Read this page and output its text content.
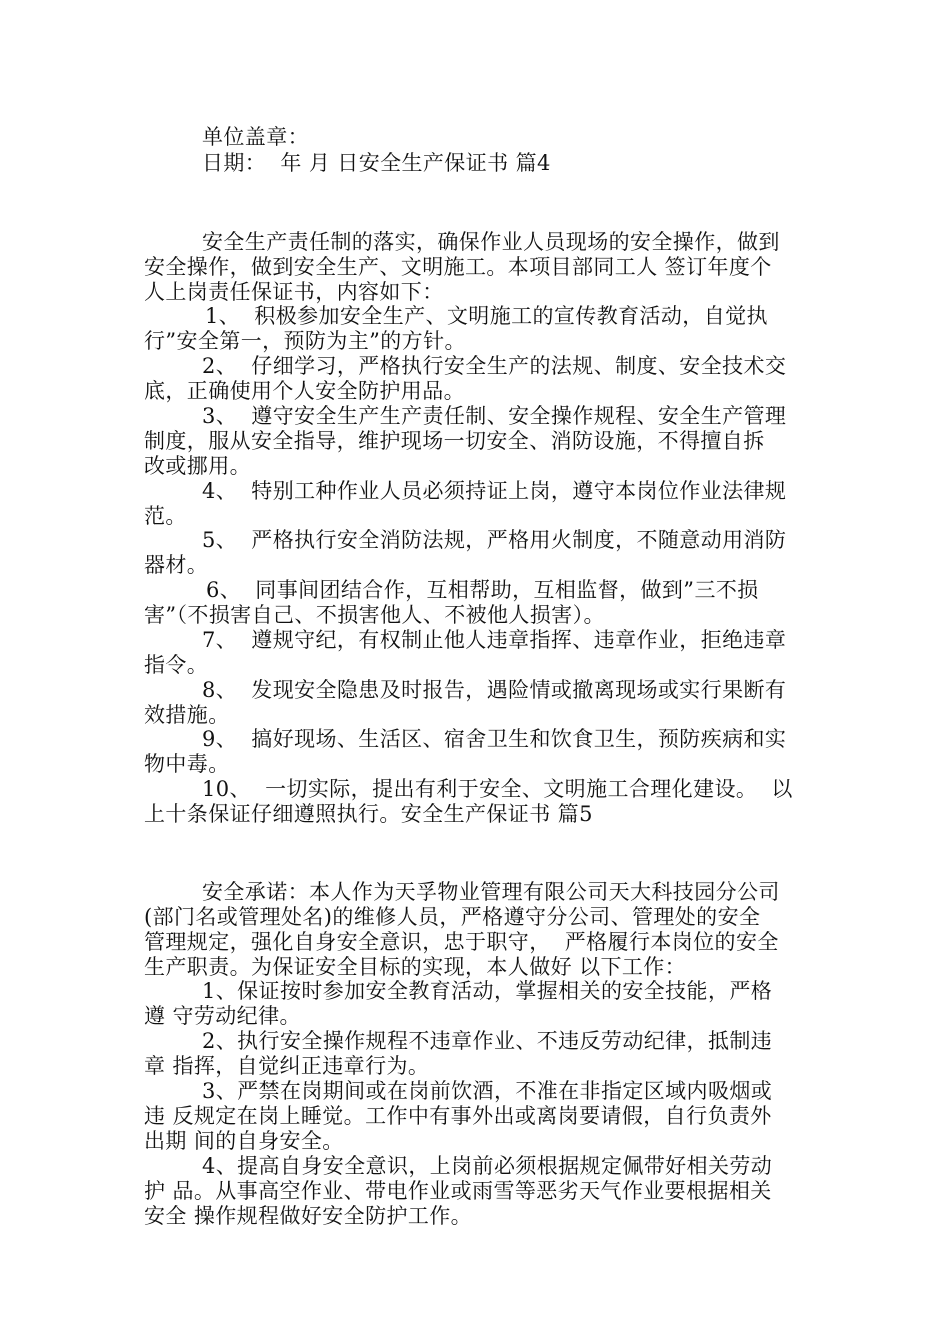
单位盖章：
日期：  年 月 日安全生产保证书 篇4
安全生产责任制的落实，确保作业人员现场的安全操作，做到
安全操作，做到安全生产、文明施工。本项目部同工人 签订年度个
人上岗责任保证书，内容如下：
1、  积极参加安全生产、文明施工的宣传教育活动，自觉执
行”安全第一，预防为主”的方针。
2、  仔细学习，严格执行安全生产的法规、制度、安全技术交
底，正确使用个人安全防护用品。
3、  遵守安全生产生产责任制、安全操作规程、安全生产管理
制度，服从安全指导，维护现场一切安全、消防设施，不得擅自拆
改或挪用。
4、  特别工种作业人员必须持证上岗，遵守本岗位作业法律规
范。
5、  严格执行安全消防法规，严格用火制度，不随意动用消防
器材。
6、  同事间团结合作，互相帮助，互相监督，做到”三不损
害”（不损害自己、不损害他人、不被他人损害）。
7、  遵规守纪，有权制止他人违章指挥、违章作业，拒绝违章
指令。
8、  发现安全隐患及时报告，遇险情或撤离现场或实行果断有
效措施。
9、  搞好现场、生活区、宿舍卫生和饮食卫生，预防疾病和实
物中毒。
10、  一切实际，提出有利于安全、文明施工合理化建设。  以
上十条保证仔细遵照执行。安全生产保证书 篇5
安全承诺：本人作为天孚物业管理有限公司天大科技园分公司
(部门名或管理处名)的维修人员，严格遵守分公司、管理处的安全
管理规定，强化自身安全意识，忠于职守，  严格履行本岗位的安全
生产职责。为保证安全目标的实现，本人做好 以下工作：
1、保证按时参加安全教育活动，掌握相关的安全技能，严格
遵 守劳动纪律。
2、执行安全操作规程不违章作业、不违反劳动纪律，抵制违
章 指挥，自觉纠正违章行为。
3、严禁在岗期间或在岗前饮酒，不准在非指定区域内吸烟或
违 反规定在岗上睡觉。工作中有事外出或离岗要请假，自行负责外
出期 间的自身安全。
4、提高自身安全意识，上岗前必须根据规定佩带好相关劳动
护 品。从事高空作业、带电作业或雨雪等恶劣天气作业要根据相关
安全 操作规程做好安全防护工作。
